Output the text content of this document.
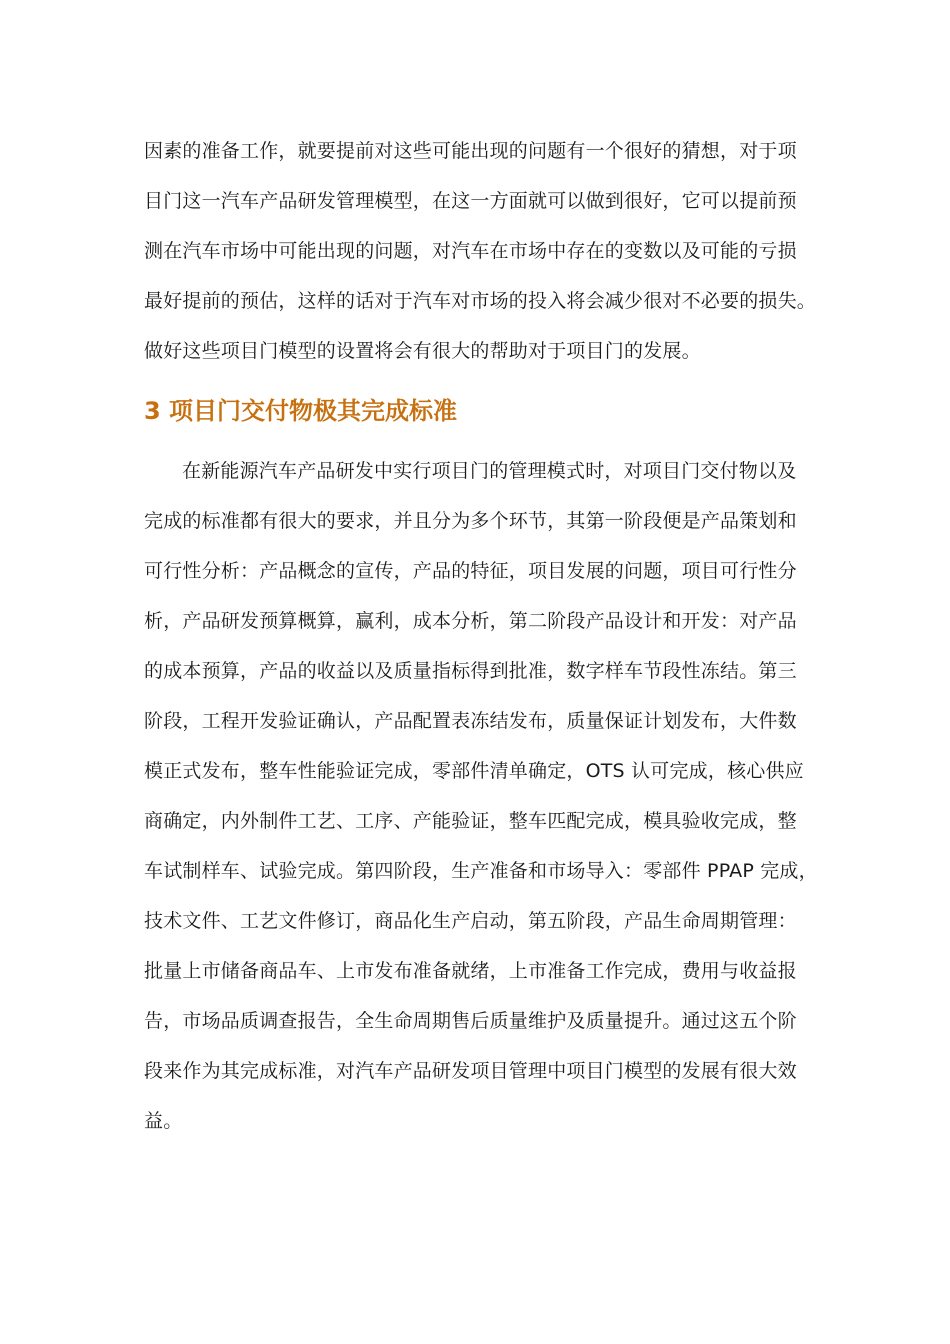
因素的准备工作，就要提前对这些可能出现的问题有一个很好的猜想，对于项
目门这一汽车产品研发管理模型，在这一方面就可以做到很好，它可以提前预
测在汽车市场中可能出现的问题，对汽车在市场中存在的变数以及可能的亏损
最好提前的预估，这样的话对于汽车对市场的投入将会减少很对不必要的损失。
做好这些项目门模型的设置将会有很大的帮助对于项目门的发展。
3 项目门交付物极其完成标准
在新能源汽车产品研发中实行项目门的管理模式时，对项目门交付物以及
完成的标准都有很大的要求，并且分为多个环节，其第一阶段便是产品策划和
可行性分析：产品概念的宣传，产品的特征，项目发展的问题，项目可行性分
析，产品研发预算概算，赢利，成本分析，第二阶段产品设计和开发：对产品
的成本预算，产品的收益以及质量指标得到批准，数字样车节段性冻结。第三
阶段，工程开发验证确认，产品配置表冻结发布，质量保证计划发布，大件数
模正式发布，整车性能验证完成，零部件清单确定，OTS 认可完成，核心供应
商确定，内外制件工艺、工序、产能验证，整车匹配完成，模具验收完成，整
车试制样车、试验完成。第四阶段，生产准备和市场导入：零部件 PPAP 完成，
技术文件、工艺文件修订，商品化生产启动，第五阶段，产品生命周期管理：
批量上市储备商品车、上市发布准备就绪，上市准备工作完成，费用与收益报
告，市场品质调查报告，全生命周期售后质量维护及质量提升。通过这五个阶
段来作为其完成标准，对汽车产品研发项目管理中项目门模型的发展有很大效
益。
